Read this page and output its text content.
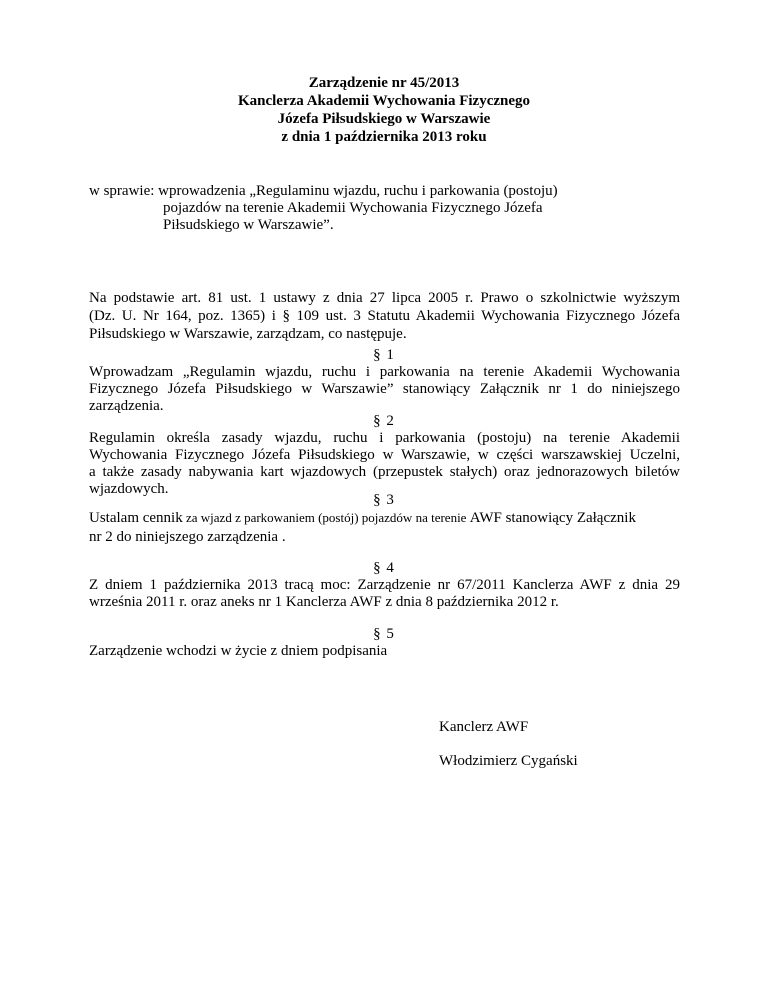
Zarządzenie nr 45/2013
Kanclerza Akademii Wychowania Fizycznego
Józefa Piłsudskiego w Warszawie
z dnia 1 października 2013 roku
w sprawie: wprowadzenia „Regulaminu wjazdu, ruchu i parkowania (postoju)
pojazdów na terenie Akademii Wychowania Fizycznego Józefa
Piłsudskiego w Warszawie”.
Na podstawie art. 81 ust. 1 ustawy z dnia 27 lipca 2005 r. Prawo o szkolnictwie wyższym
(Dz. U. Nr 164, poz. 1365) i § 109 ust. 3 Statutu Akademii Wychowania Fizycznego Józefa
Piłsudskiego w Warszawie, zarządzam, co następuje.
§ 1
Wprowadzam „Regulamin wjazdu, ruchu i parkowania na terenie Akademii Wychowania
Fizycznego Józefa Piłsudskiego w Warszawie” stanowiący Załącznik nr 1 do niniejszego
zarządzenia.
§ 2
Regulamin określa zasady wjazdu, ruchu i parkowania (postoju) na terenie Akademii
Wychowania Fizycznego Józefa Piłsudskiego w Warszawie, w części warszawskiej Uczelni,
a także zasady nabywania kart wjazdowych (przepustek stałych) oraz jednorazowych biletów
wjazdowych.
§ 3
Ustalam cennik za wjazd z parkowaniem (postój) pojazdów na terenie AWF stanowiący Załącznik
nr 2 do niniejszego zarządzenia .
§ 4
Z dniem 1 października 2013 tracą moc: Zarządzenie nr 67/2011 Kanclerza AWF z dnia 29
września 2011 r. oraz aneks nr 1 Kanclerza AWF z dnia 8 października 2012 r.
§ 5
Zarządzenie wchodzi w życie z dniem podpisania
Kanclerz AWF
Włodzimierz Cygański
